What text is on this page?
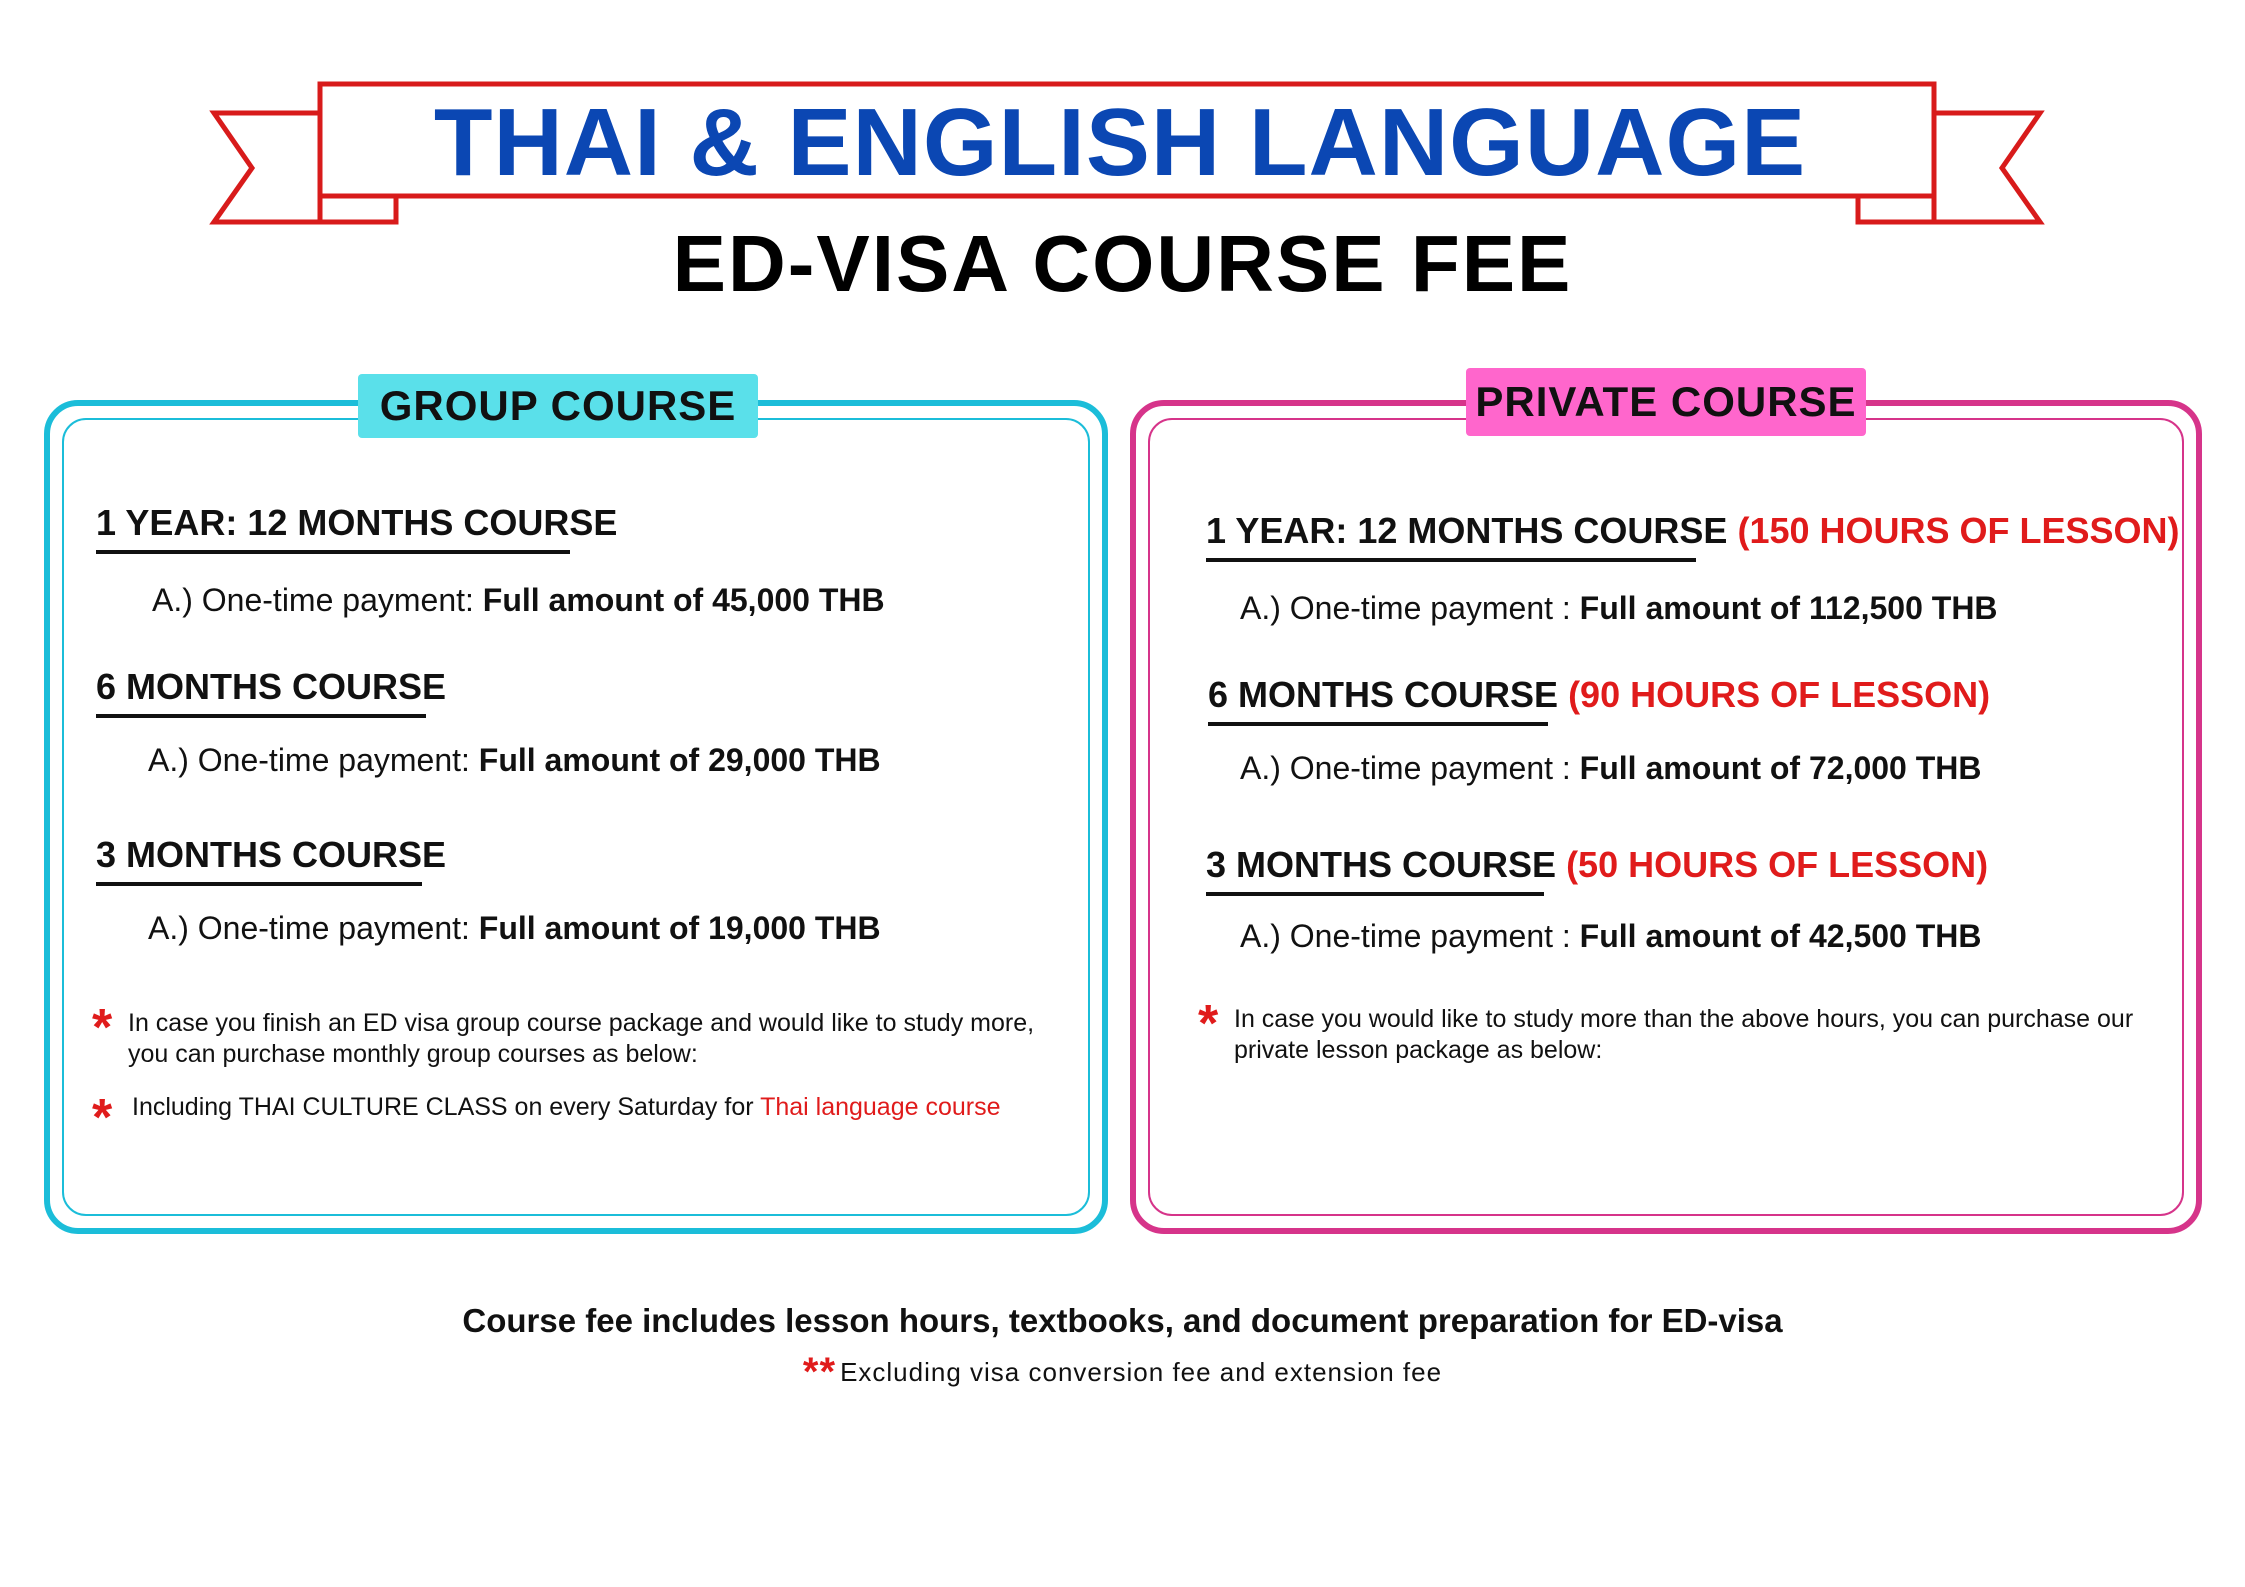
THAI & ENGLISH LANGUAGE
ED-VISA COURSE FEE
GROUP COURSE
1 YEAR: 12 MONTHS COURSE
A.) One-time payment: Full amount of 45,000 THB
6 MONTHS COURSE
A.) One-time payment: Full amount of 29,000 THB
3 MONTHS COURSE
A.) One-time payment: Full amount of 19,000 THB
* In case you finish an ED visa group course package and would like to study more, you can purchase monthly group courses as below:
* Including THAI CULTURE CLASS on every Saturday for Thai language course
PRIVATE COURSE
1 YEAR: 12 MONTHS COURSE (150 HOURS OF LESSON)
A.) One-time payment : Full amount of 112,500 THB
6 MONTHS COURSE (90 HOURS OF LESSON)
A.) One-time payment : Full amount of 72,000 THB
3 MONTHS COURSE (50 HOURS OF LESSON)
A.) One-time payment : Full amount of 42,500 THB
* In case you would like to study more than the above hours, you can purchase our private lesson package as below:
Course fee includes lesson hours, textbooks, and document preparation for ED-visa
** Excluding visa conversion fee and extension fee
